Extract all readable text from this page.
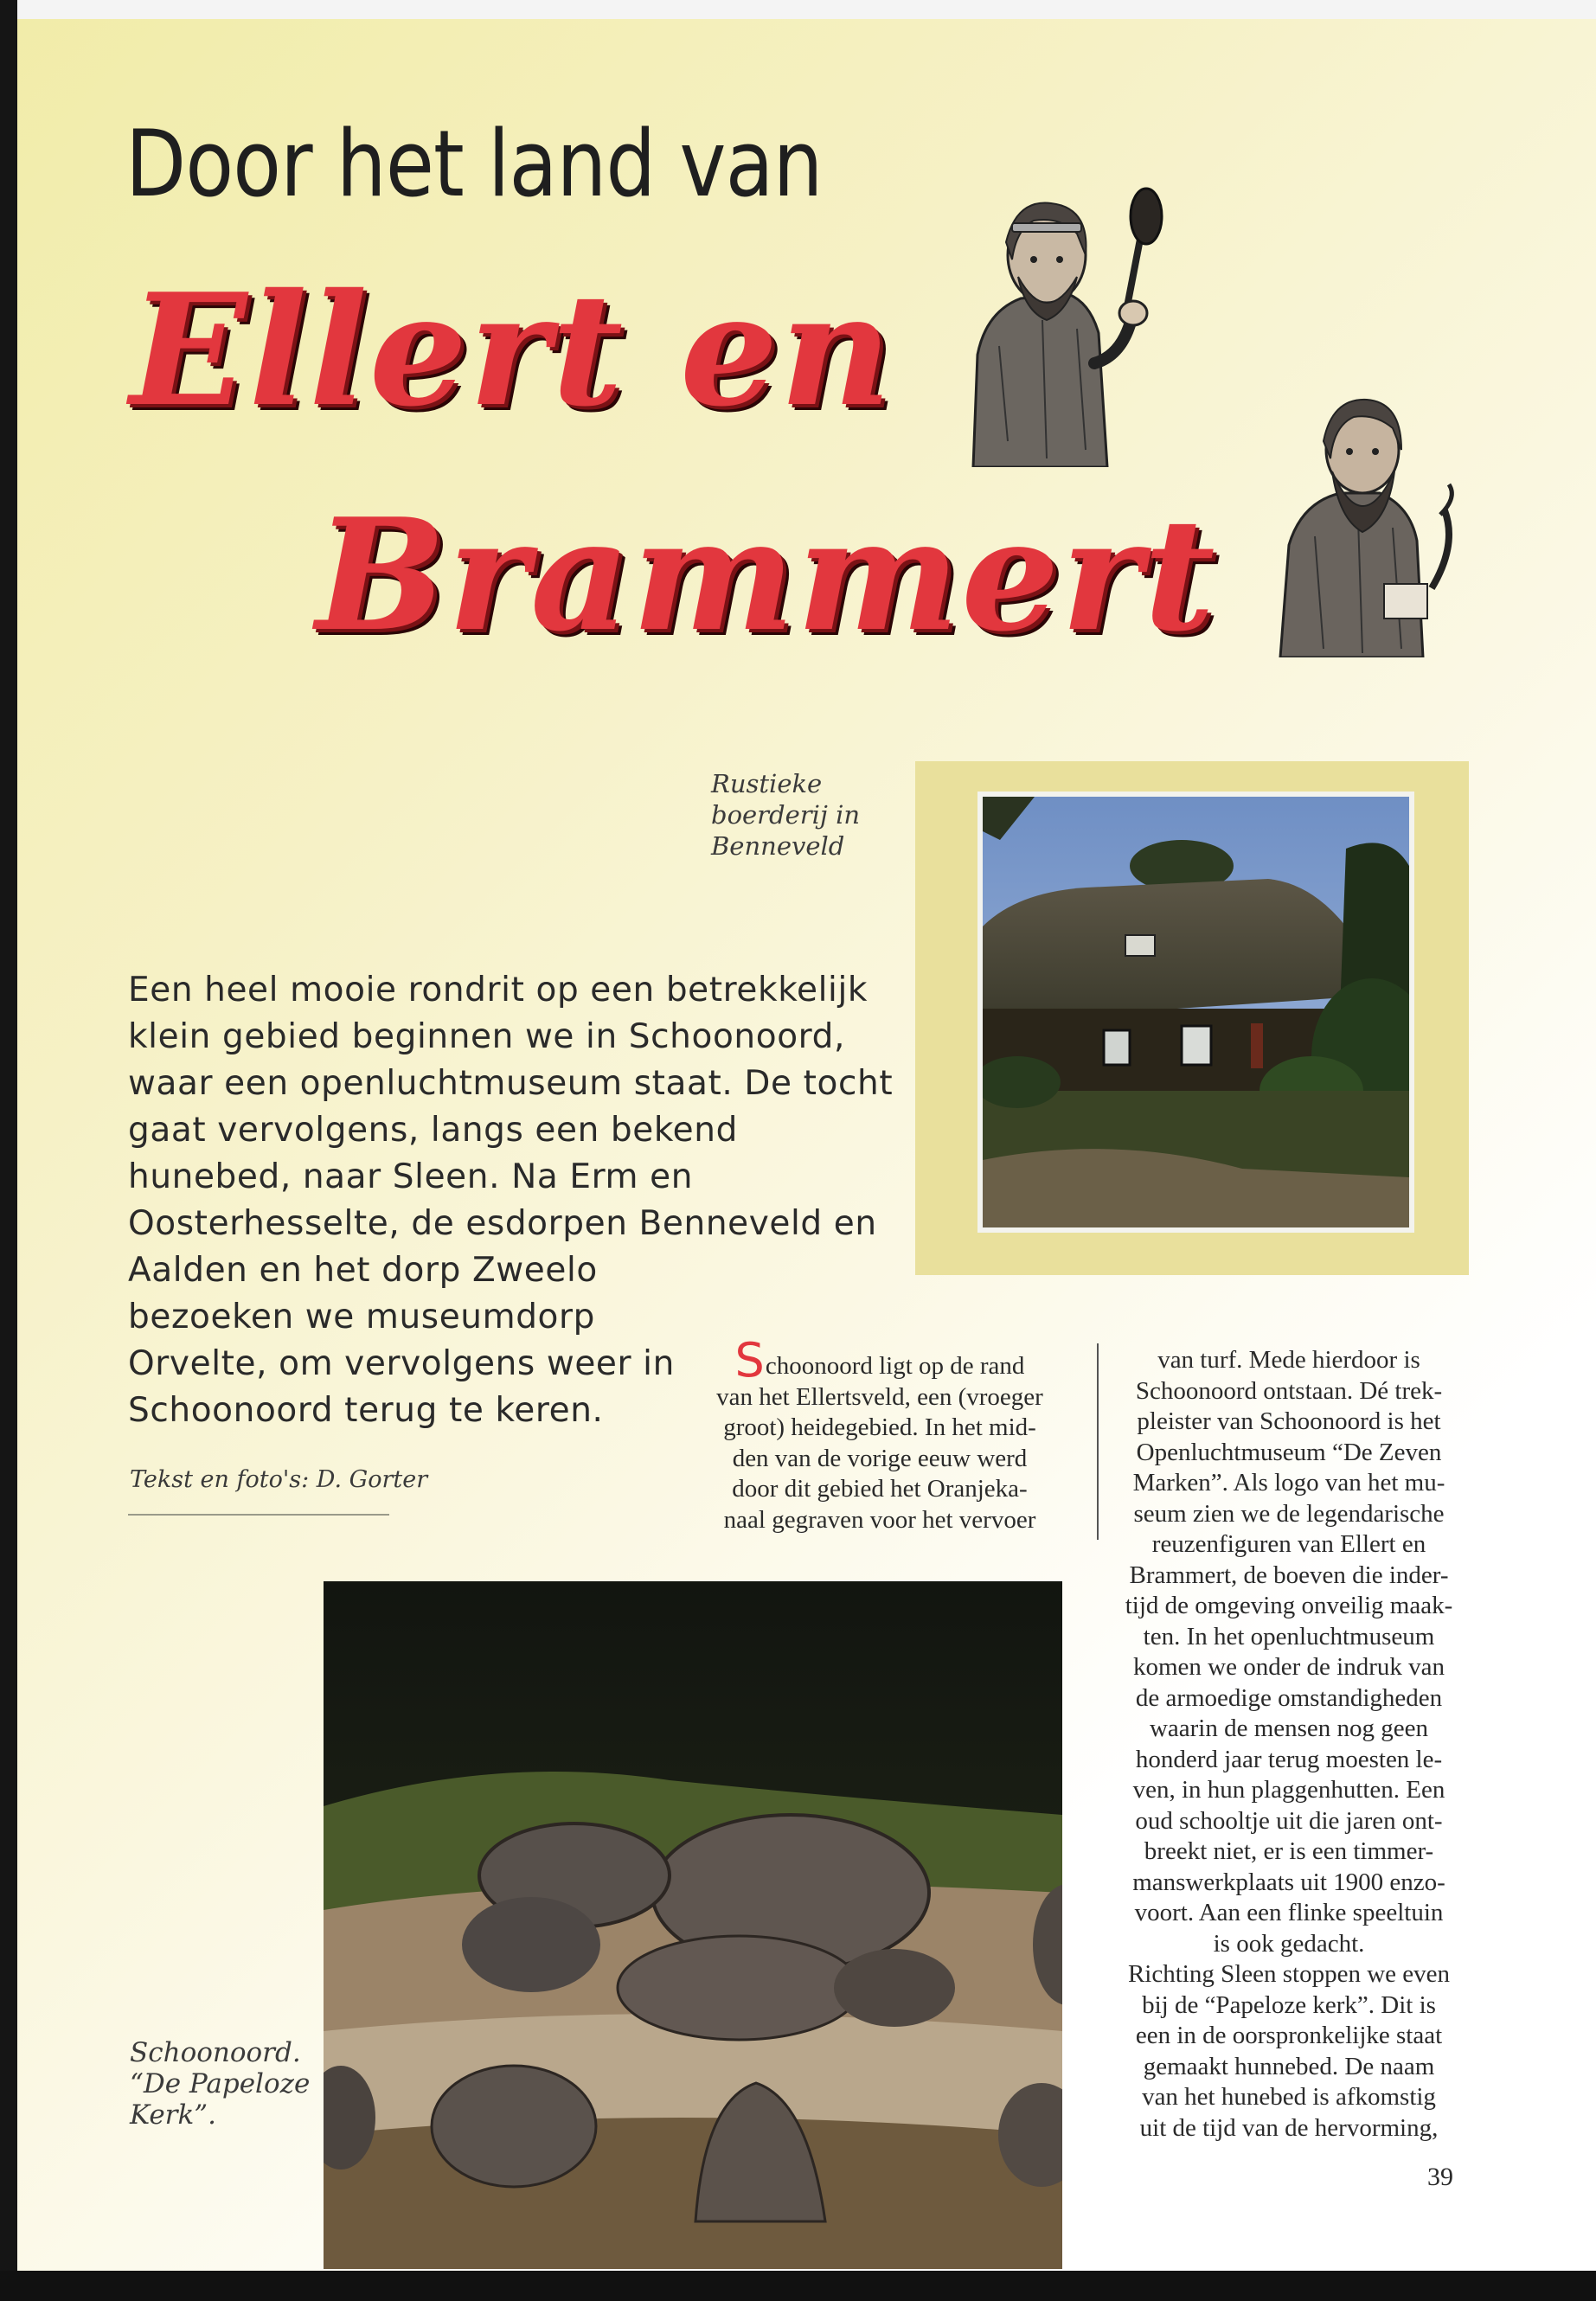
Door het land van
Ellert en
Brammert
Rustieke boerderij in Benneveld
Een heel mooie rondrit op een betrekkelijk
klein gebied beginnen we in Schoonoord,
waar een openluchtmuseum staat. De tocht
gaat vervolgens, langs een bekend
hunebed, naar Sleen. Na Erm en
Oosterhesselte, de esdorpen Benneveld en
Aalden en het dorp Zweelo
bezoeken we museumdorp
Orvelte, om vervolgens weer in
Schoonoord terug te keren.
Tekst en foto's: D. Gorter
Schoonoord ligt op de rand
van het Ellertsveld, een (vroeger
groot) heidegebied. In het mid-
den van de vorige eeuw werd
door dit gebied het Oranjeka-
naal gegraven voor het vervoer
van turf. Mede hierdoor is
Schoonoord ontstaan. Dé trek-
pleister van Schoonoord is het
Openluchtmuseum “De Zeven
Marken”. Als logo van het mu-
seum zien we de legendarische
reuzenfiguren van Ellert en
Brammert, de boeven die inder-
tijd de omgeving onveilig maak-
ten. In het openluchtmuseum
komen we onder de indruk van
de armoedige omstandigheden
waarin de mensen nog geen
honderd jaar terug moesten le-
ven, in hun plaggenhutten. Een
oud schooltje uit die jaren ont-
breekt niet, er is een timmer-
manswerkplaats uit 1900 enzo-
voort. Aan een flinke speeltuin
is ook gedacht.
Richting Sleen stoppen we even
bij de “Papeloze kerk”. Dit is
een in de oorspronkelijke staat
gemaakt hunnebed. De naam
van het hunebed is afkomstig
uit de tijd van de hervorming,
Schoonoord.
“De Papeloze
Kerk”.
39
